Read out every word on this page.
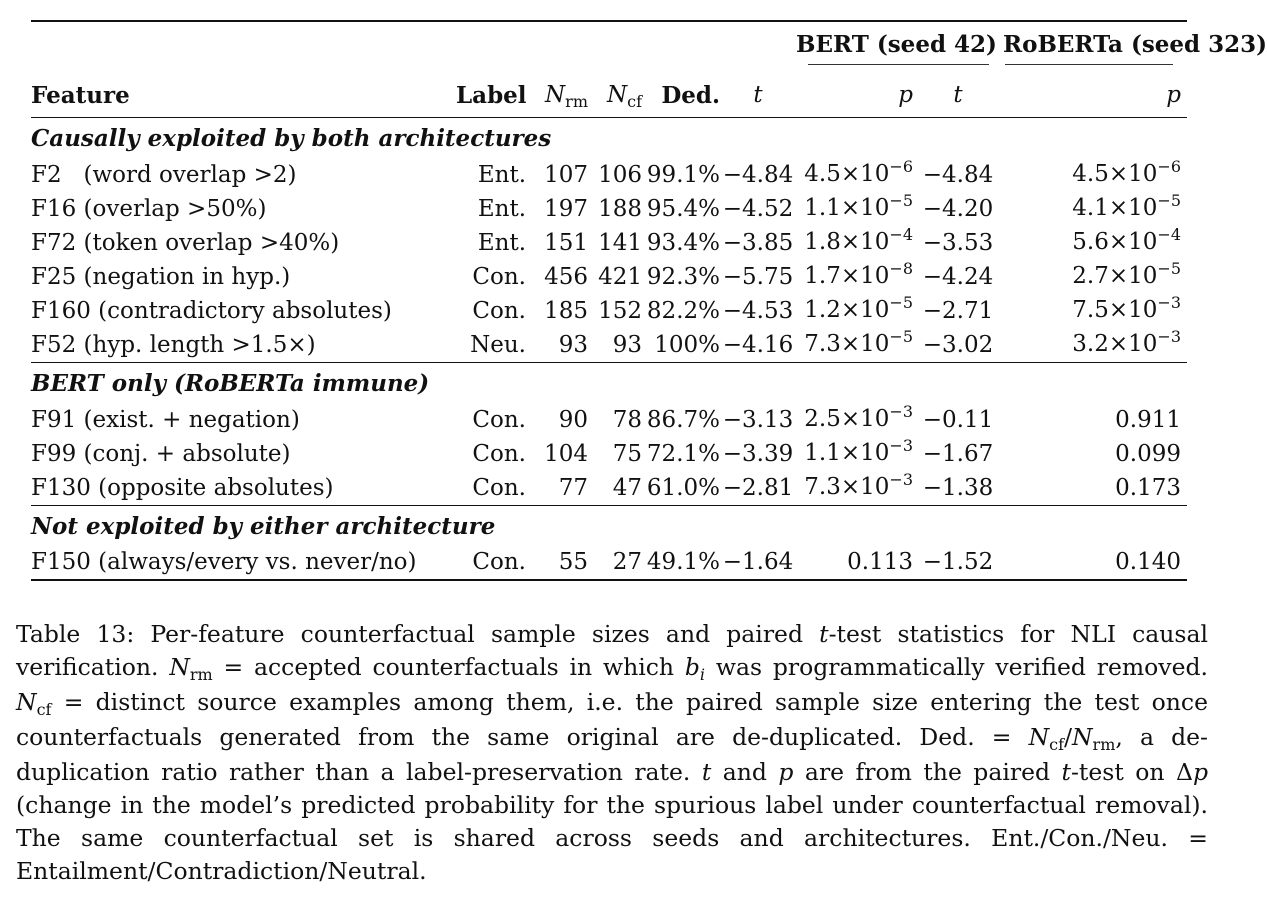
						BERT (seed 42)		RoBERTa (seed 323)

Feature	Label	$N_{rm}$	$N_{cf}$	Ded.	t	p	t	p
Causally exploited by both architectures								
F2   (word overlap >2)	Ent.	107	106	99.1%	−4.84	$4.5\times 10^{-6}$	−4.84	$4.5\times 10^{-6}$
F16 (overlap >50%)	Ent.	197	188	95.4%	−4.52	$1.1\times 10^{-5}$	−4.20	$4.1\times 10^{-5}$
F72 (token overlap >40%)	Ent.	151	141	93.4%	−3.85	$1.8\times 10^{-4}$	−3.53	$5.6\times 10^{-4}$
F25 (negation in hyp.)	Con.	456	421	92.3%	−5.75	$1.7\times 10^{-8}$	−4.24	$2.7\times 10^{-5}$
F160 (contradictory absolutes)	Con.	185	152	82.2%	−4.53	$1.2\times 10^{-5}$	−2.71	$7.5\times 10^{-3}$
F52 (hyp. length >1.5×)	Neu.	93	93	100%	−4.16	$7.3\times 10^{-5}$	−3.02	$3.2\times 10^{-3}$
BERT only (RoBERTa immune)								
F91 (exist. + negation)	Con.	90	78	86.7%	−3.13	$2.5\times 10^{-3}$	−0.11	0.911
F99 (conj. + absolute)	Con.	104	75	72.1%	−3.39	$1.1\times 10^{-3}$	−1.67	0.099
F130 (opposite absolutes)	Con.	77	47	61.0%	−2.81	$7.3\times 10^{-3}$	−1.38	0.173
Not exploited by either architecture								
F150 (always/every vs. never/no)	Con.	55	27	49.1%	−1.64	0.113	−1.52	0.140

Table 13: Per-feature counterfactual sample sizes and paired t-test statistics for NLI causal verification. $N_{rm}$ = accepted counterfactuals in which $b_i$ was programmatically verified removed. $N_{cf}$ = distinct source examples among them, i.e. the paired sample size entering the test once counterfactuals generated from the same original are de-duplicated. Ded. = $N_{cf}/N_{rm}$, a de-duplication ratio rather than a label-preservation rate. t and p are from the paired t-test on Δp (change in the model’s predicted probability for the spurious label under counterfactual removal). The same counterfactual set is shared across seeds and architectures. Ent./Con./Neu. = Entailment/Contradiction/Neutral.
